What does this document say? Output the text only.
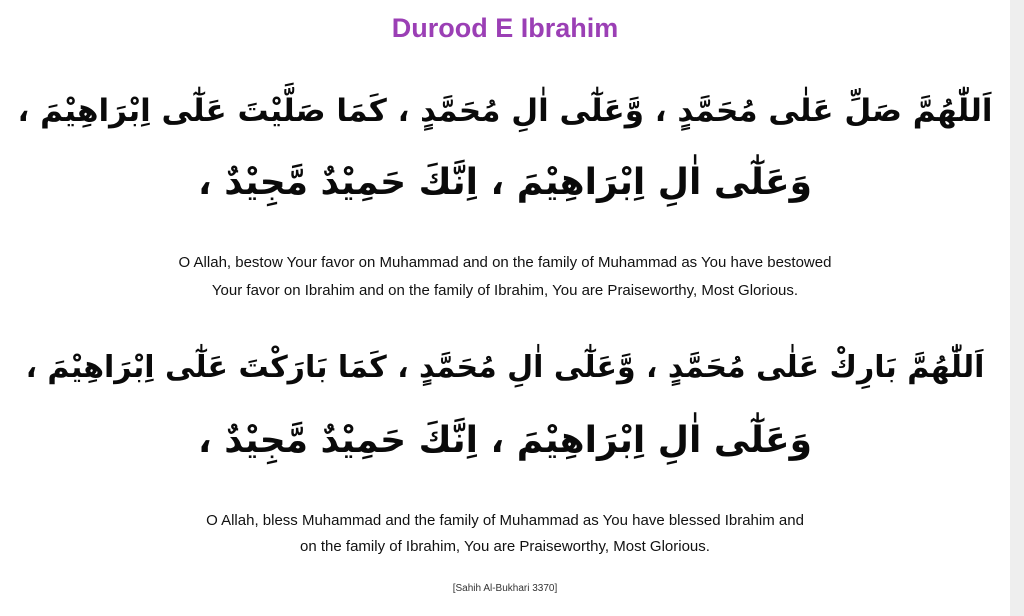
Durood E Ibrahim
اَللّٰهُمَّ صَلِّ عَلٰى مُحَمَّدٍ ، وَّعَلٰٓى اٰلِ مُحَمَّدٍ ، كَمَا صَلَّيْتَ عَلٰٓى اِبْرَاهِيْمَ ،
وَعَلٰٓى اٰلِ اِبْرَاهِيْمَ ، اِنَّكَ حَمِيْدٌ مَّجِيْدٌ ،
O Allah, bestow Your favor on Muhammad and on the family of Muhammad as You have bestowed
Your favor on Ibrahim and on the family of Ibrahim, You are Praiseworthy, Most Glorious.
اَللّٰهُمَّ بَارِكْ عَلٰى مُحَمَّدٍ ، وَّعَلٰٓى اٰلِ مُحَمَّدٍ ، كَمَا بَارَكْتَ عَلٰٓى اِبْرَاهِيْمَ ،
وَعَلٰٓى اٰلِ اِبْرَاهِيْمَ ، اِنَّكَ حَمِيْدٌ مَّجِيْدٌ ،
O Allah, bless Muhammad and the family of Muhammad as You have blessed Ibrahim and
on the family of Ibrahim, You are Praiseworthy, Most Glorious.
[Sahih Al-Bukhari 3370]
